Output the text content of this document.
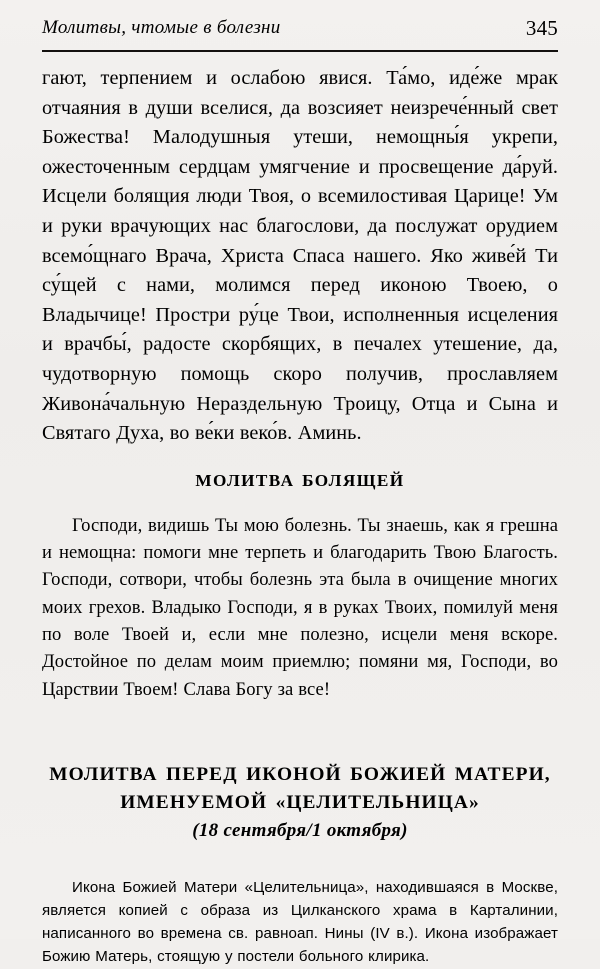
Молитвы, чтомые в болезни	345

гают, терпением и ослабою явися. Та́мо, иде́же мрак отчаяния в души вселися, да возсияет неизрече́нный свет Божества! Малодушныя утеши, немощны́я укрепи, ожесточенным сердцам умягчение и просвещение да́руй. Исцели болящия люди Твоя, о всемилостивая Царице! Ум и руки врачующих нас благослови, да послужат орудием всемо́щнаго Врача, Христа Спаса нашего. Яко живе́й Ти су́щей с нами, молимся перед иконою Твоею, о Владычице! Простри ру́це Твои, исполненныя исцеления и врачбы́, радосте скорбящих, в печалех утешение, да, чудотворную помощь скоро получив, прославляем Живона́чальную Нераздельную Троицу, Отца и Сына и Святаго Духа, во ве́ки веко́в. Аминь.

МОЛИТВА БОЛЯЩЕЙ

Господи, видишь Ты мою болезнь. Ты знаешь, как я грешна и немощна: помоги мне терпеть и благодарить Твою Благость. Господи, сотвори, чтобы болезнь эта была в очищение многих моих грехов. Владыко Господи, я в руках Твоих, помилуй меня по воле Твоей и, если мне полезно, исцели меня вскоре. Достойное по делам моим приемлю; помяни мя, Господи, во Царствии Твоем! Слава Богу за все!

МОЛИТВА ПЕРЕД ИКОНОЙ БОЖИЕЙ МАТЕРИ,

ИМЕНУЕМОЙ «ЦЕЛИТЕЛЬНИЦА»

(18 сентября/1 октября)

Икона Божией Матери «Целительница», находившаяся в Москве, является копией с образа из Цилканского храма в Карталинии, написанного во времена св. равноап. Нины (IV в.). Икона изображает Божию Матерь, стоящую у постели больного клирика.
